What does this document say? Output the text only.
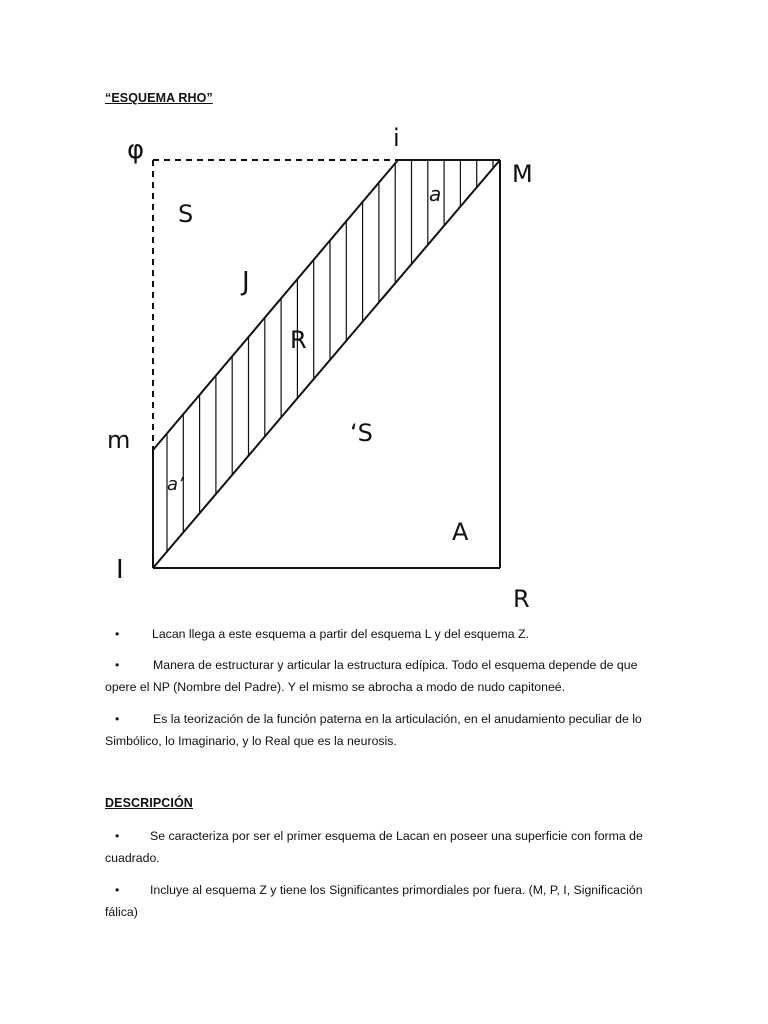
“ESQUEMA RHO”
φ	i
M
S
a
J
R
m	‘S
a’
A
I
R
•	Lacan llega a este esquema a partir del esquema L y del esquema Z.
•	Manera de estructurar y articular la estructura edípica. Todo el esquema depende de que opere el NP (Nombre del Padre). Y el mismo se abrocha a modo de nudo capitoneé.
•	Es la teorización de la función paterna en la articulación, en el anudamiento peculiar de lo Simbólico, lo Imaginario, y lo Real que es la neurosis.
DESCRIPCIÓN
•	Se caracteriza por ser el primer esquema de Lacan en poseer una superficie con forma de cuadrado.
•	Incluye al esquema Z y tiene los Significantes primordiales por fuera. (M, P, I, Significación fálica)
